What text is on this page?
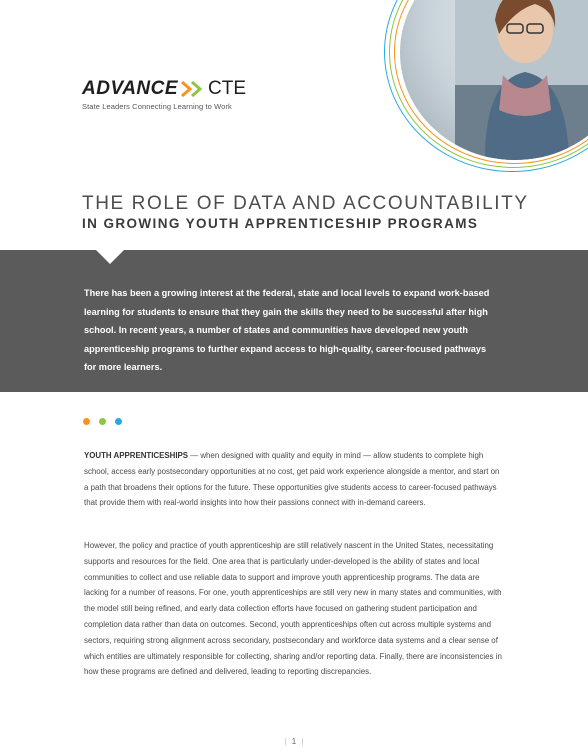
ADVANCE CTE
State Leaders Connecting Learning to Work
THE ROLE OF DATA AND ACCOUNTABILITY
IN GROWING YOUTH APPRENTICESHIP PROGRAMS
There has been a growing interest at the federal, state and local levels to expand work-based learning for students to ensure that they gain the skills they need to be successful after high school. In recent years, a number of states and communities have developed new youth apprenticeship programs to further expand access to high-quality, career-focused pathways for more learners.
YOUTH APPRENTICESHIPS — when designed with quality and equity in mind — allow students to complete high school, access early postsecondary opportunities at no cost, get paid work experience alongside a mentor, and start on a path that broadens their options for the future. These opportunities give students access to career-focused pathways that provide them with real-world insights into how their passions connect with in-demand careers.
However, the policy and practice of youth apprenticeship are still relatively nascent in the United States, necessitating supports and resources for the field. One area that is particularly under-developed is the ability of states and local communities to collect and use reliable data to support and improve youth apprenticeship programs. The data are lacking for a number of reasons. For one, youth apprenticeships are still very new in many states and communities, with the model still being refined, and early data collection efforts have focused on gathering student participation and completion data rather than data on outcomes. Second, youth apprenticeships often cut across multiple systems and sectors, requiring strong alignment across secondary, postsecondary and workforce data systems and a clear sense of which entities are ultimately responsible for collecting, sharing and/or reporting data. Finally, there are inconsistencies in how these programs are defined and delivered, leading to reporting discrepancies.
| 1 |
